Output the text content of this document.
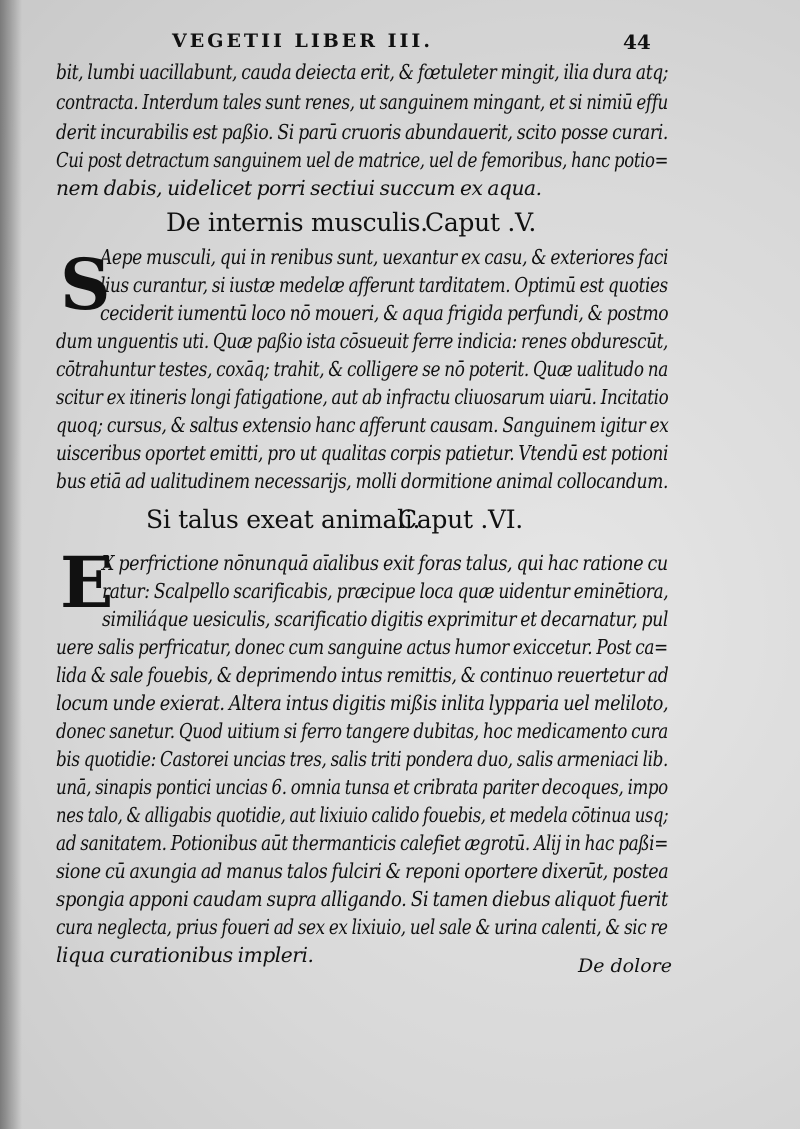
VEGETII LIBER III.	44
bit, lumbi uacillabunt, cauda deiecta erit, & fœtuleter mingit, ilia dura atq;
contracta. Interdum tales sunt renes, ut sanguinem mingant, et si nimiū effu
derit incurabilis est paßio. Si parū cruoris abundauerit, scito posse curari.
Cui post detractum sanguinem uel de matrice, uel de femoribus, hanc potio=
nem dabis, uidelicet porri sectiui succum ex aqua.
De internis musculis.
Caput .V.
S
Aepe musculi, qui in renibus sunt, uexantur ex casu, & exteriores faci
lius curantur, si iustæ medelæ afferunt tarditatem. Optimū est quoties
ceciderit iumentū loco nō moueri, & aqua frigida perfundi, & postmo
dum unguentis uti. Quæ paßio ista cōsueuit ferre indicia: renes obdurescūt,
cōtrahuntur testes, coxāq; trahit, & colligere se nō poterit. Quæ ualitudo na
scitur ex itineris longi fatigatione, aut ab infractu cliuosarum uiarū. Incitatio
quoq; cursus, & saltus extensio hanc afferunt causam. Sanguinem igitur ex
uisceribus oportet emitti, pro ut qualitas corpis patietur. Vtendū est potioni
bus etiā ad ualitudinem necessarijs, molli dormitione animal collocandum.
Si talus exeat animali.
Caput .VI.
E
X perfrictione nōnunquā aīalibus exit foras talus, qui hac ratione cu
ratur: Scalpello scarificabis, præcipue loca quæ uidentur eminētiora,
similiáque uesiculis, scarificatio digitis exprimitur et decarnatur, pul
uere salis perfricatur, donec cum sanguine actus humor exiccetur. Post ca=
lida & sale fouebis, & deprimendo intus remittis, & continuo reuertetur ad
locum unde exierat. Altera intus digitis mißis inlita lypparia uel meliloto,
donec sanetur. Quod uitium si ferro tangere dubitas, hoc medicamento cura
bis quotidie: Castorei uncias tres, salis triti pondera duo, salis armeniaci lib.
unā, sinapis pontici uncias 6. omnia tunsa et cribrata pariter decoques, impo
nes talo, & alligabis quotidie, aut lixiuio calido fouebis, et medela cōtinua usq;
ad sanitatem. Potionibus aūt thermanticis calefiet ægrotū. Alij in hac paßi=
sione cū axungia ad manus talos fulciri & reponi oportere dixerūt, postea
spongia apponi caudam supra alligando. Si tamen diebus aliquot fuerit
cura neglecta, prius foueri ad sex ex lixiuio, uel sale & urina calenti, & sic re
liqua curationibus impleri.	De dolore
